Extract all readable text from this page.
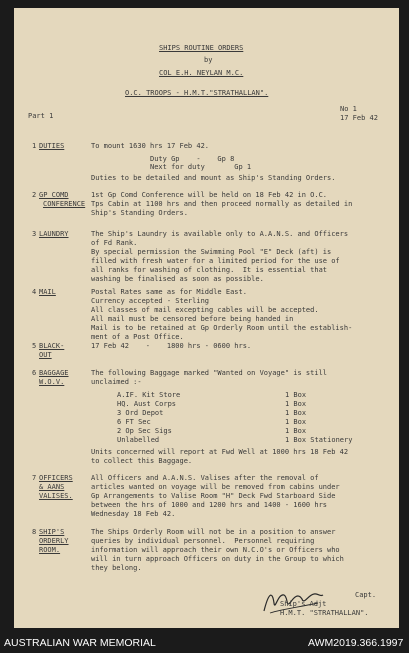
SHIPS ROUTINE ORDERS
by
COL E.H. NEYLAN M.C.
O.C. TROOPS - H.M.T."STRATHALLAN".
Part 1
No 1
17 Feb 42
1 DUTIES	To mount 1630 hrs 17 Feb 42.
Duty Gp    -    Gp 8
Next for duty       Gp 1
Duties to be detailed and mount as Ship's Standing Orders.
2 GP COMD
CONFERENCE
1st Gp Comd Conference will be held on 18 Feb 42 in O.C.
Tps Cabin at 1100 hrs and then proceed normally as detailed in
Ship's Standing Orders.
3 LAUNDRY	The Ship's Laundry is available only to A.A.N.S. and Officers
of Fd Rank.
By special permission the Swimming Pool "E" Deck (aft) is
filled with fresh water for a limited period for the use of
all ranks for washing of clothing.  It is essential that
washing be finalised as soon as possible.
4 MAIL	Postal Rates same as for Middle East.
Currency accepted - Sterling
All classes of mail excepting cables will be accepted.
All mail must be censored before being handed in
Mail is to be retained at Gp Orderly Room until the establish-
ment of a Post Office.
5 BLACK-
OUT
17 Feb 42    -    1800 hrs - 0600 hrs.
6 BAGGAGE
W.O.V.
The following Baggage marked "Wanted on Voyage" is still
unclaimed :-
A.IF. Kit Store	1 Box
HQ. Aust Corps	1 Box
3 Ord Depot	1 Box
6 FT Sec	1 Box
2 Op Sec Sigs	1 Box
Unlabelled	1 Box Stationery
Units concerned will report at Fwd Well at 1000 hrs 18 Feb 42
to collect this Baggage.
7 OFFICERS
& AANS
VALISES.
All Officers and A.A.N.S. Valises after the removal of
articles wanted on voyage will be removed from cabins under
Gp Arrangements to Valise Room "H" Deck Fwd Starboard Side
between the hrs of 1000 and 1200 hrs and 1400 - 1600 hrs
Wednesday 18 Feb 42.
8 SHIP'S
ORDERLY
ROOM.
The Ships Orderly Room will not be in a position to answer
queries by individual personnel.  Personnel requiring
information will approach their own N.C.O's or Officers who
will in turn approach Officers on duty in the Group to which
they belong.
Capt.
Ship's Adjt
H.M.T. "STRATHALLAN".
AUSTRALIAN WAR MEMORIAL	AWM2019.366.1997
